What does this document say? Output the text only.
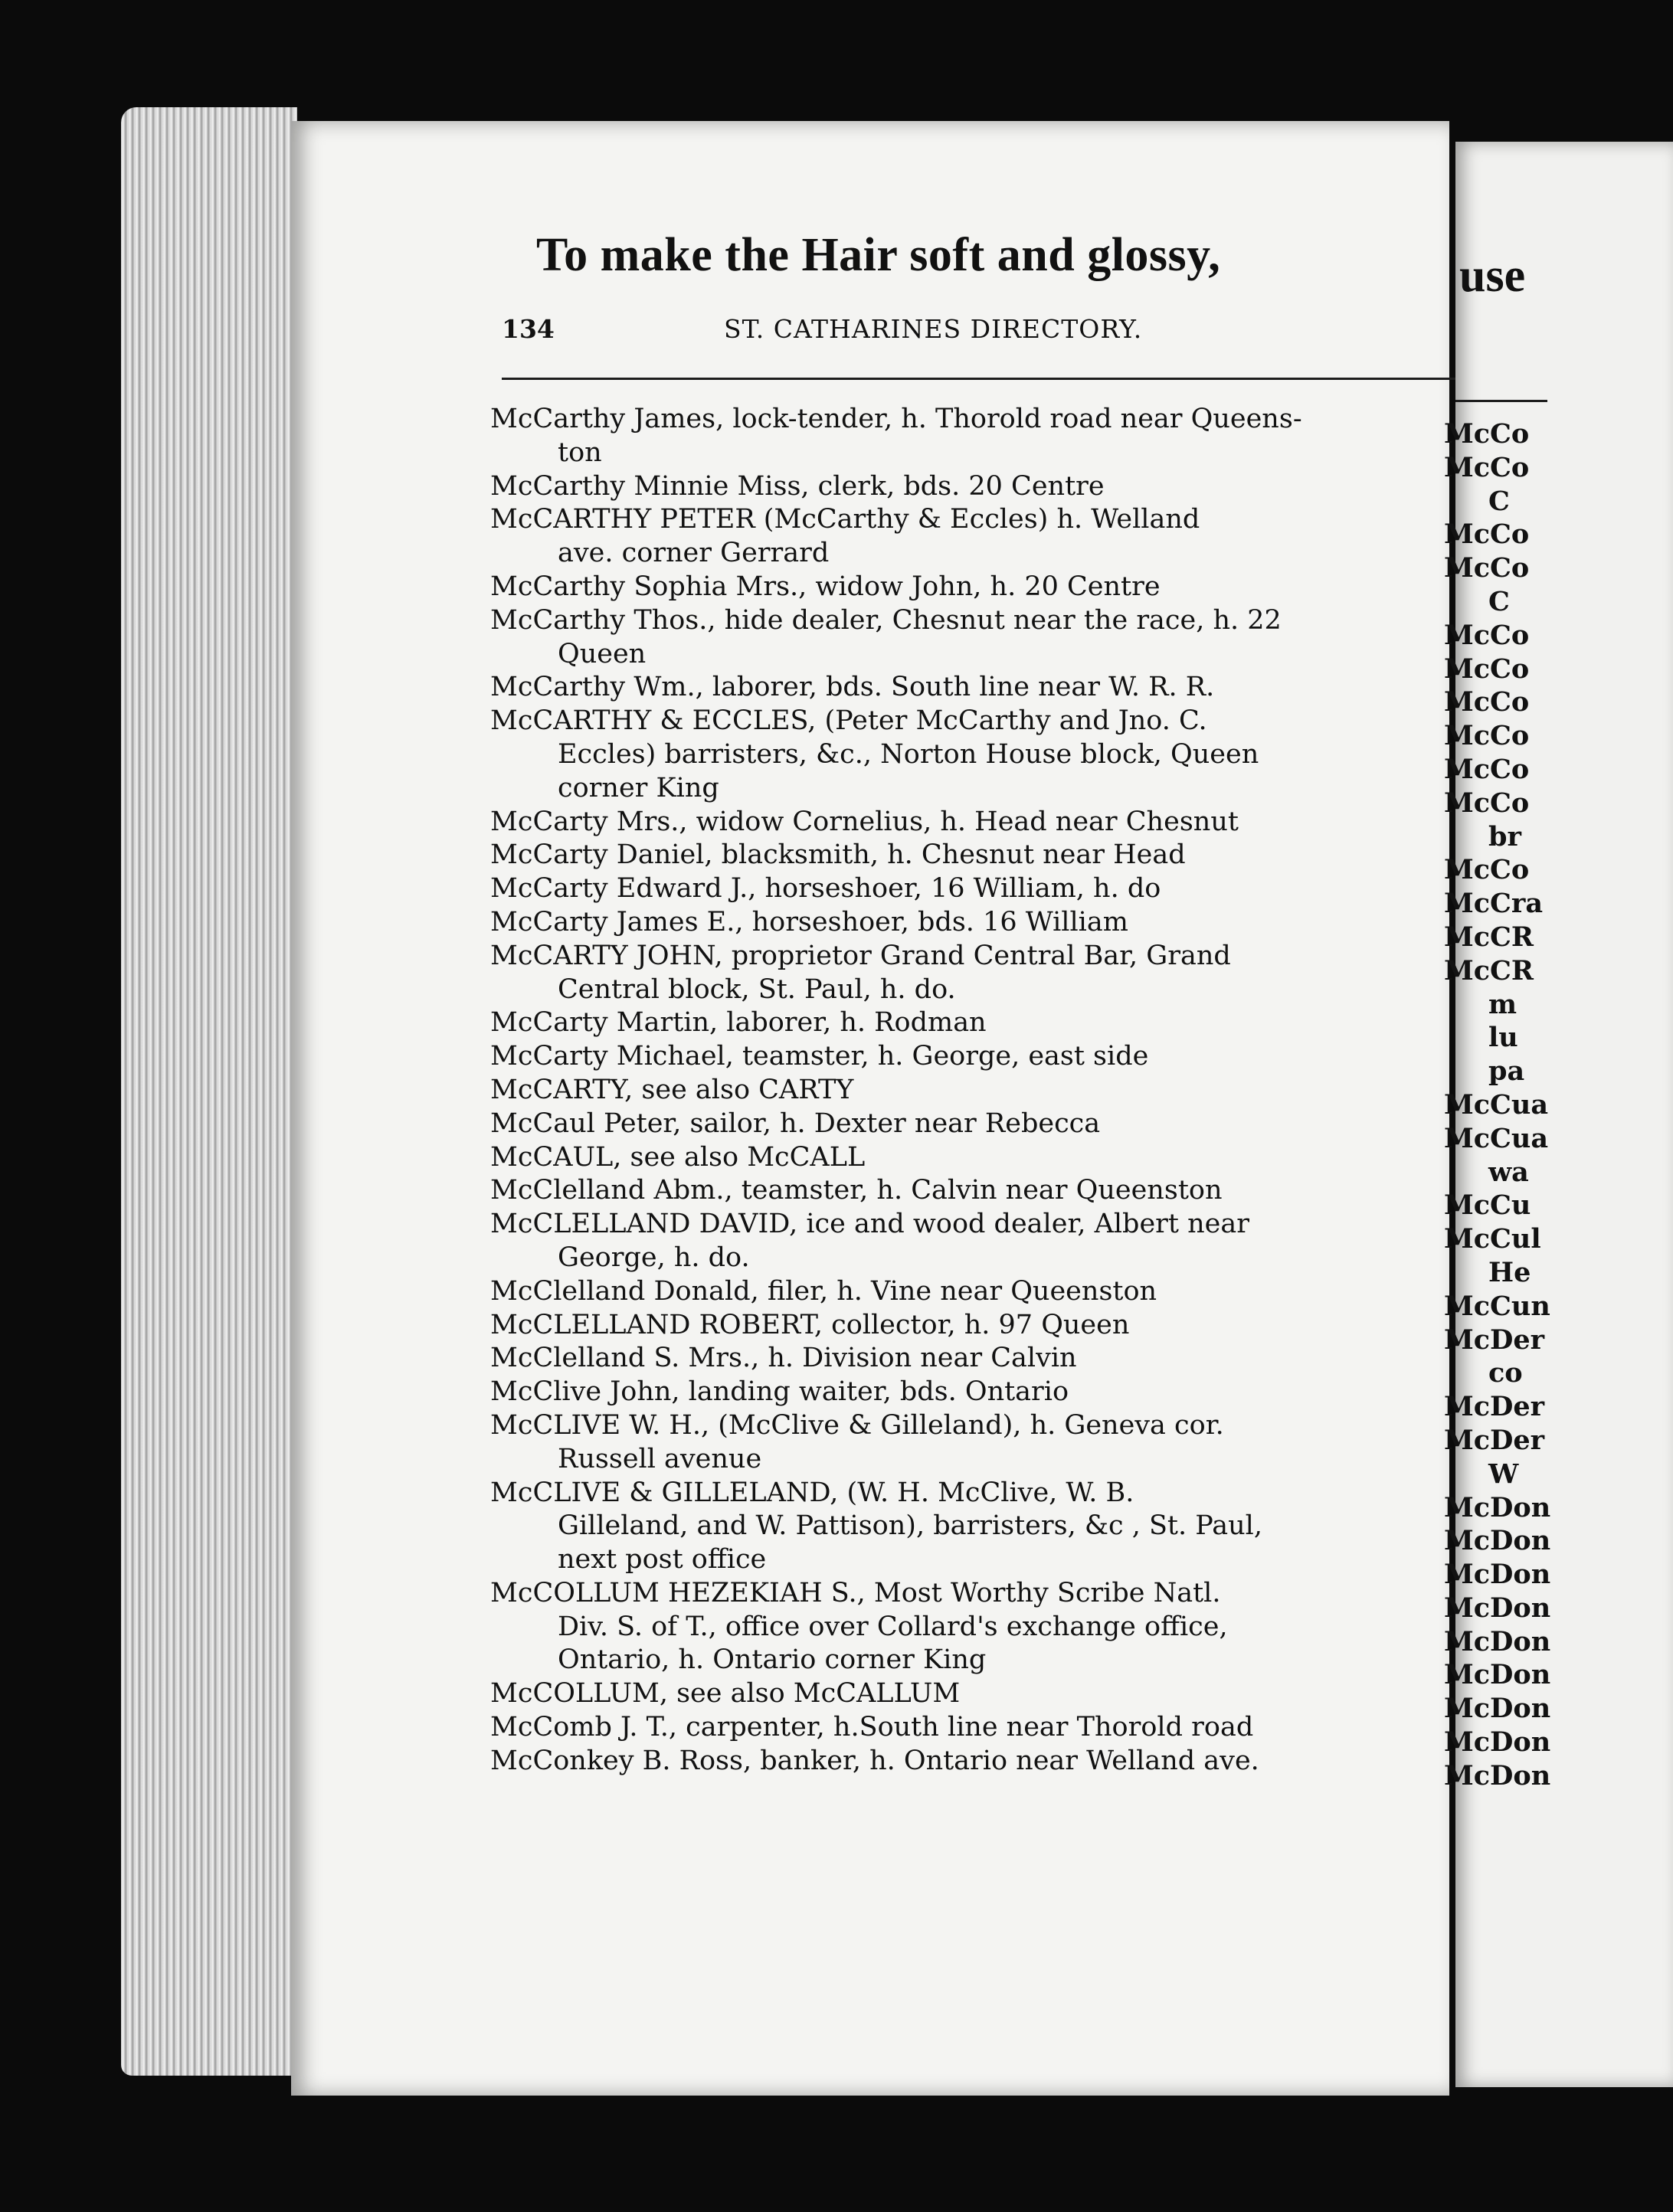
To make the Hair soft and glossy,
134	ST. CATHARINES DIRECTORY.
McCarthy James, lock-tender, h. Thorold road near Queens-
ton
McCarthy Minnie Miss, clerk, bds. 20 Centre
McCARTHY PETER (McCarthy & Eccles) h. Welland
ave. corner Gerrard
McCarthy Sophia Mrs., widow John, h. 20 Centre
McCarthy Thos., hide dealer, Chesnut near the race, h. 22
Queen
McCarthy Wm., laborer, bds. South line near W. R. R.
McCARTHY & ECCLES, (Peter McCarthy and Jno. C.
Eccles) barristers, &c., Norton House block, Queen
corner King
McCarty Mrs., widow Cornelius, h. Head near Chesnut
McCarty Daniel, blacksmith, h. Chesnut near Head
McCarty Edward J., horseshoer, 16 William, h. do
McCarty James E., horseshoer, bds. 16 William
McCARTY JOHN, proprietor Grand Central Bar, Grand
Central block, St. Paul, h. do.
McCarty Martin, laborer, h. Rodman
McCarty Michael, teamster, h. George, east side
McCARTY, see also CARTY
McCaul Peter, sailor, h. Dexter near Rebecca
McCAUL, see also McCALL
McClelland Abm., teamster, h. Calvin near Queenston
McCLELLAND DAVID, ice and wood dealer, Albert near
George, h. do.
McClelland Donald, filer, h. Vine near Queenston
McCLELLAND ROBERT, collector, h. 97 Queen
McClelland S. Mrs., h. Division near Calvin
McClive John, landing waiter, bds. Ontario
McCLIVE W. H., (McClive & Gilleland), h. Geneva cor.
Russell avenue
McCLIVE & GILLELAND, (W. H. McClive, W. B.
Gilleland, and W. Pattison), barristers, &c , St. Paul,
next post office
McCOLLUM HEZEKIAH S., Most Worthy Scribe Natl.
Div. S. of T., office over Collard's exchange office,
Ontario, h. Ontario corner King
McCOLLUM, see also McCALLUM
McComb J. T., carpenter, h.South line near Thorold road
McConkey B. Ross, banker, h. Ontario near Welland ave.
use
McCo
McCo
C
McCo
McCo
C
McCo
McCo
McCo
McCo
McCo
McCo
br
McCo
McCra
McCR
McCR
m
lu
pa
McCua
McCua
wa
McCu
McCul
He
McCun
McDer
co
McDer
McDer
W
McDon
McDon
McDon
McDon
McDon
McDon
McDon
McDon
McDon
